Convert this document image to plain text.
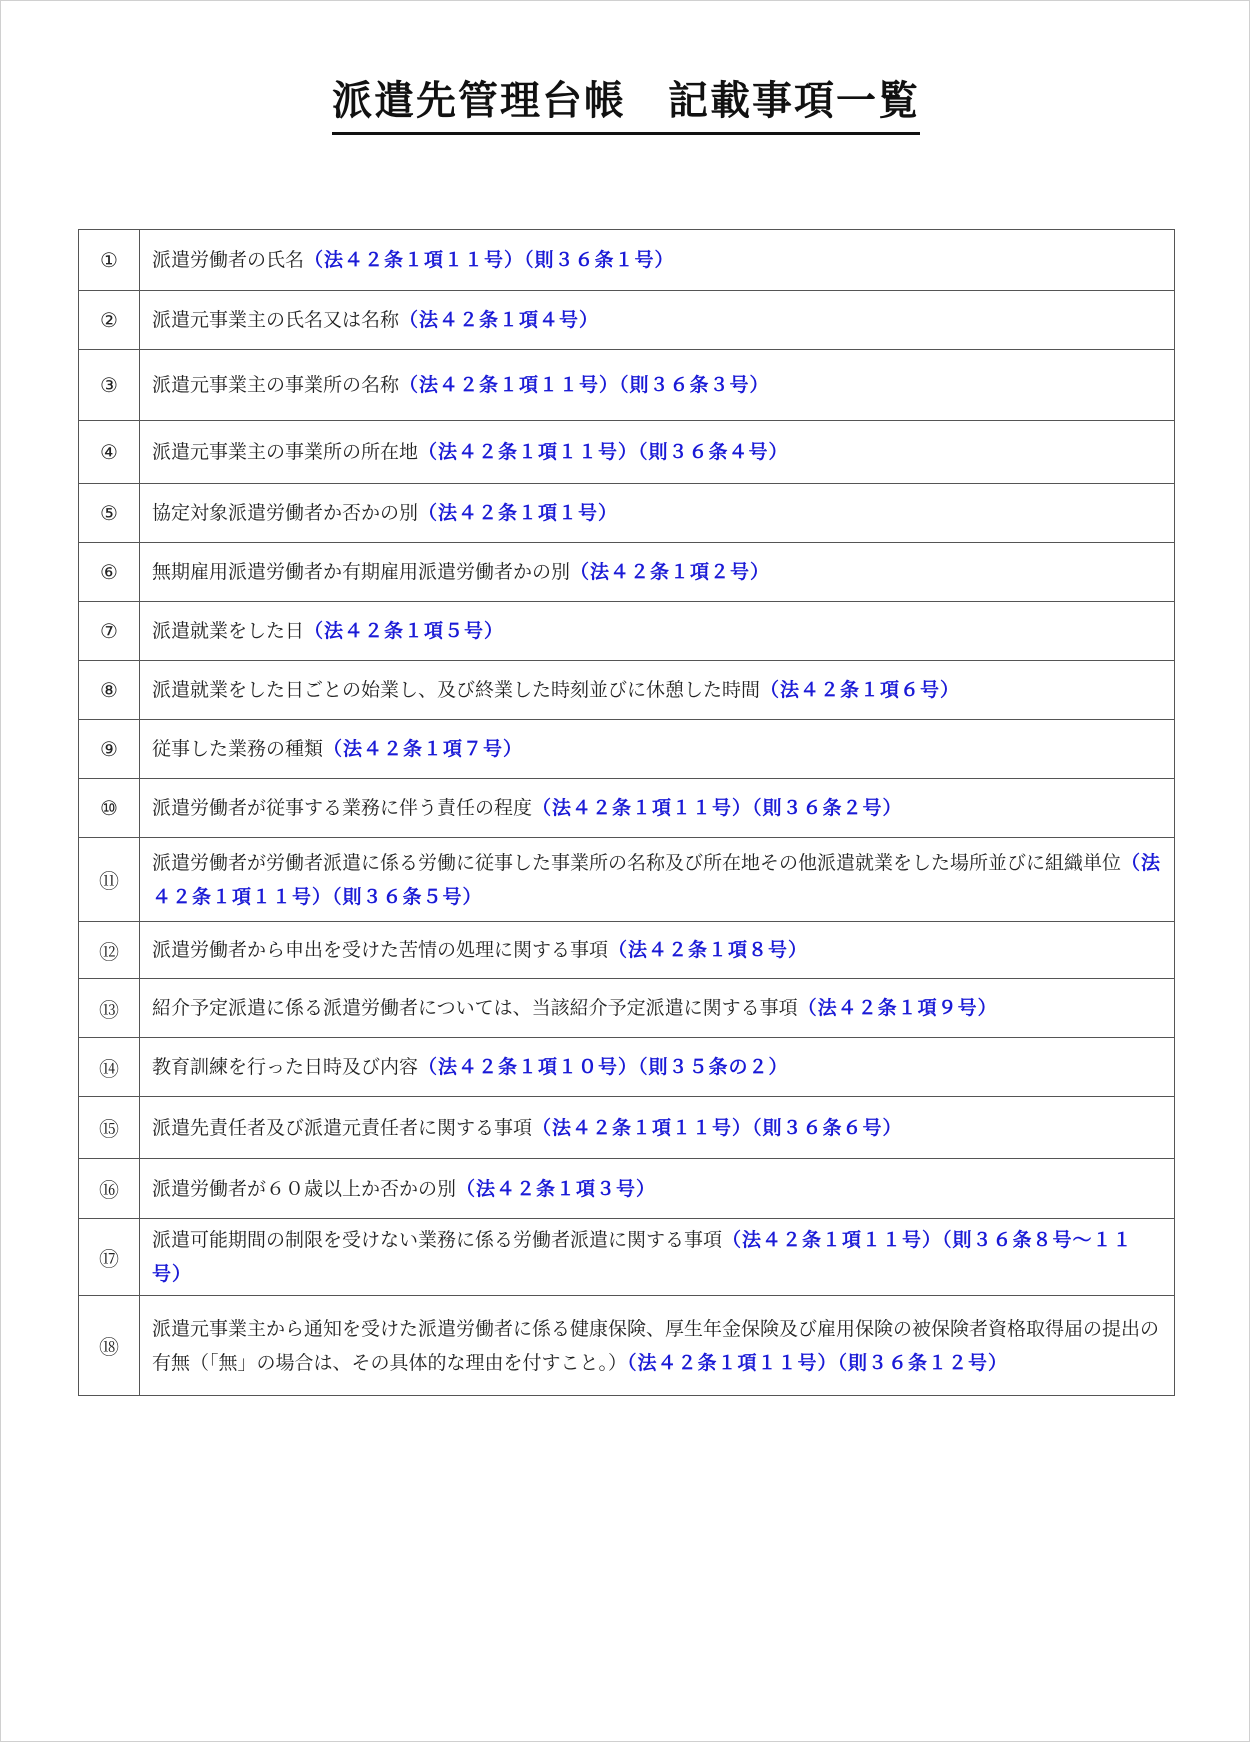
派遣先管理台帳　記載事項一覧
①	派遣労働者の氏名（法４２条１項１１号）（則３６条１号）
②	派遣元事業主の氏名又は名称（法４２条１項４号）
③	派遣元事業主の事業所の名称（法４２条１項１１号）（則３６条３号）
④	派遣元事業主の事業所の所在地（法４２条１項１１号）（則３６条４号）
⑤	協定対象派遣労働者か否かの別（法４２条１項１号）
⑥	無期雇用派遣労働者か有期雇用派遣労働者かの別（法４２条１項２号）
⑦	派遣就業をした日（法４２条１項５号）
⑧	派遣就業をした日ごとの始業し、及び終業した時刻並びに休憩した時間（法４２条１項６号）
⑨	従事した業務の種類（法４２条１項７号）
⑩	派遣労働者が従事する業務に伴う責任の程度（法４２条１項１１号）（則３６条２号）
⑪	派遣労働者が労働者派遣に係る労働に従事した事業所の名称及び所在地その他派遣就業をした場所並びに組織単位（法４２条１項１１号）（則３６条５号）
⑫	派遣労働者から申出を受けた苦情の処理に関する事項（法４２条１項８号）
⑬	紹介予定派遣に係る派遣労働者については、当該紹介予定派遣に関する事項（法４２条１項９号）
⑭	教育訓練を行った日時及び内容（法４２条１項１０号）（則３５条の２）
⑮	派遣先責任者及び派遣元責任者に関する事項（法４２条１項１１号）（則３６条６号）
⑯	派遣労働者が６０歳以上か否かの別（法４２条１項３号）
⑰	派遣可能期間の制限を受けない業務に係る労働者派遣に関する事項（法４２条１項１１号）（則３６条８号～１１号）
⑱	派遣元事業主から通知を受けた派遣労働者に係る健康保険、厚生年金保険及び雇用保険の被保険者資格取得届の提出の有無（「無」の場合は、その具体的な理由を付すこと。）（法４２条１項１１号）（則３６条１２号）
